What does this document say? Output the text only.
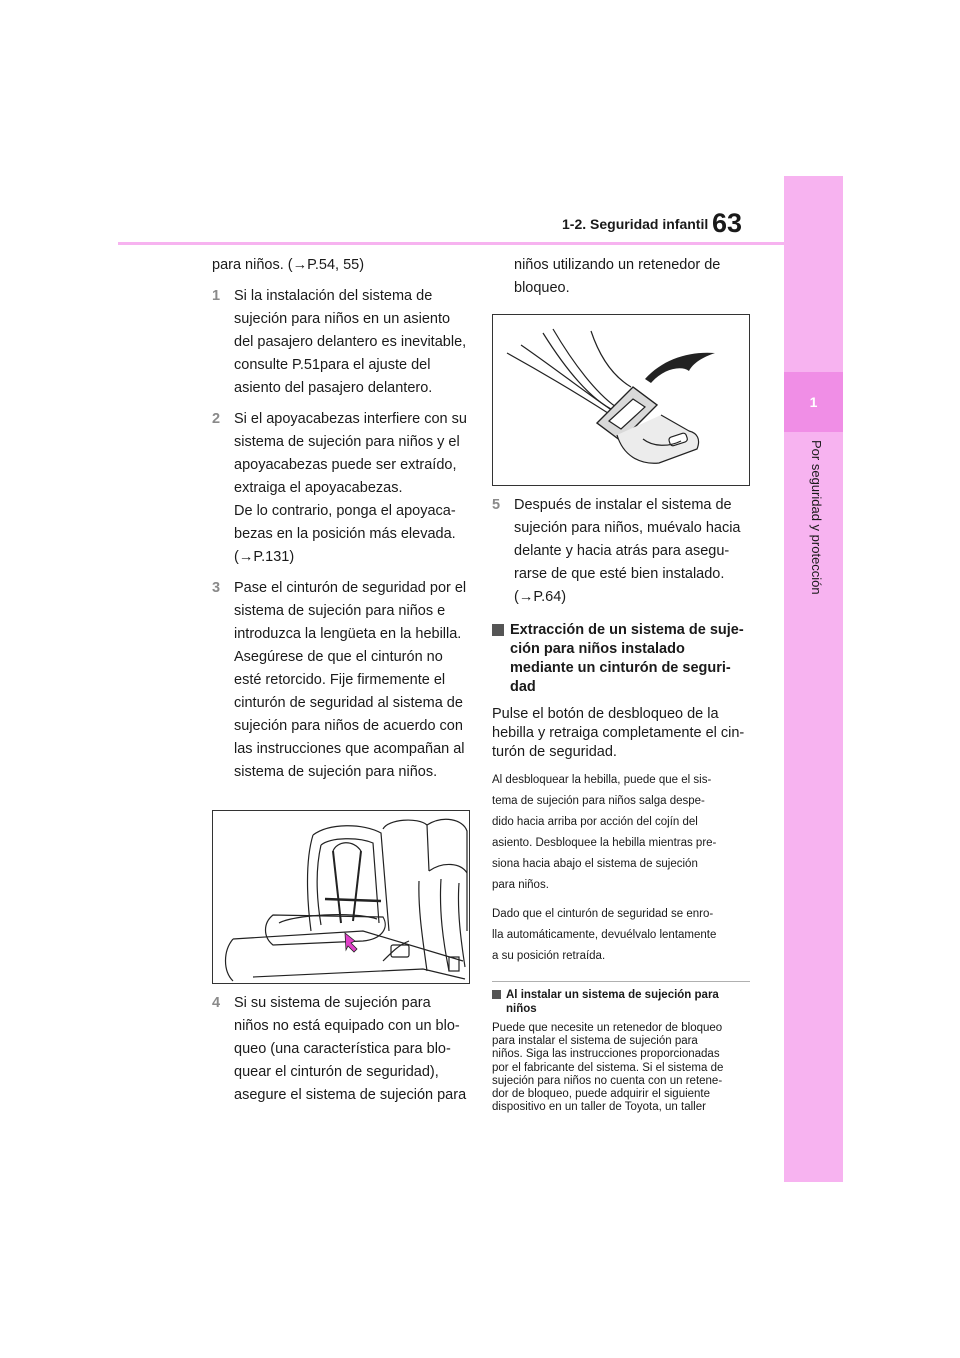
1-2. Seguridad infantil 63
1
Por seguridad y protección
para niños. (→P.54, 55)
1 Si la instalación del sistema de
sujeción para niños en un asiento
del pasajero delantero es inevitable,
consulte P.51para el ajuste del
asiento del pasajero delantero.
2 Si el apoyacabezas interfiere con su
sistema de sujeción para niños y el
apoyacabezas puede ser extraído,
extraiga el apoyacabezas.
De lo contrario, ponga el apoyaca-
bezas en la posición más elevada.
(→P.131)
3 Pase el cinturón de seguridad por el
sistema de sujeción para niños e
introduzca la lengüeta en la hebilla.
Asegúrese de que el cinturón no
esté retorcido. Fije firmemente el
cinturón de seguridad al sistema de
sujeción para niños de acuerdo con
las instrucciones que acompañan al
sistema de sujeción para niños.
4 Si su sistema de sujeción para
niños no está equipado con un blo-
queo (una característica para blo-
quear el cinturón de seguridad),
asegure el sistema de sujeción para
niños utilizando un retenedor de
bloqueo.
5 Después de instalar el sistema de
sujeción para niños, muévalo hacia
delante y hacia atrás para asegu-
rarse de que esté bien instalado.
(→P.64)
Extracción de un sistema de suje-
ción para niños instalado
mediante un cinturón de seguri-
dad
Pulse el botón de desbloqueo de la
hebilla y retraiga completamente el cin-
turón de seguridad.
Al desbloquear la hebilla, puede que el sis-
tema de sujeción para niños salga despe-
dido hacia arriba por acción del cojín del
asiento. Desbloquee la hebilla mientras pre-
siona hacia abajo el sistema de sujeción
para niños.
Dado que el cinturón de seguridad se enro-
lla automáticamente, devuélvalo lentamente
a su posición retraída.
Al instalar un sistema de sujeción para
niños
Puede que necesite un retenedor de bloqueo
para instalar el sistema de sujeción para
niños. Siga las instrucciones proporcionadas
por el fabricante del sistema. Si el sistema de
sujeción para niños no cuenta con un retene-
dor de bloqueo, puede adquirir el siguiente
dispositivo en un taller de Toyota, un taller
